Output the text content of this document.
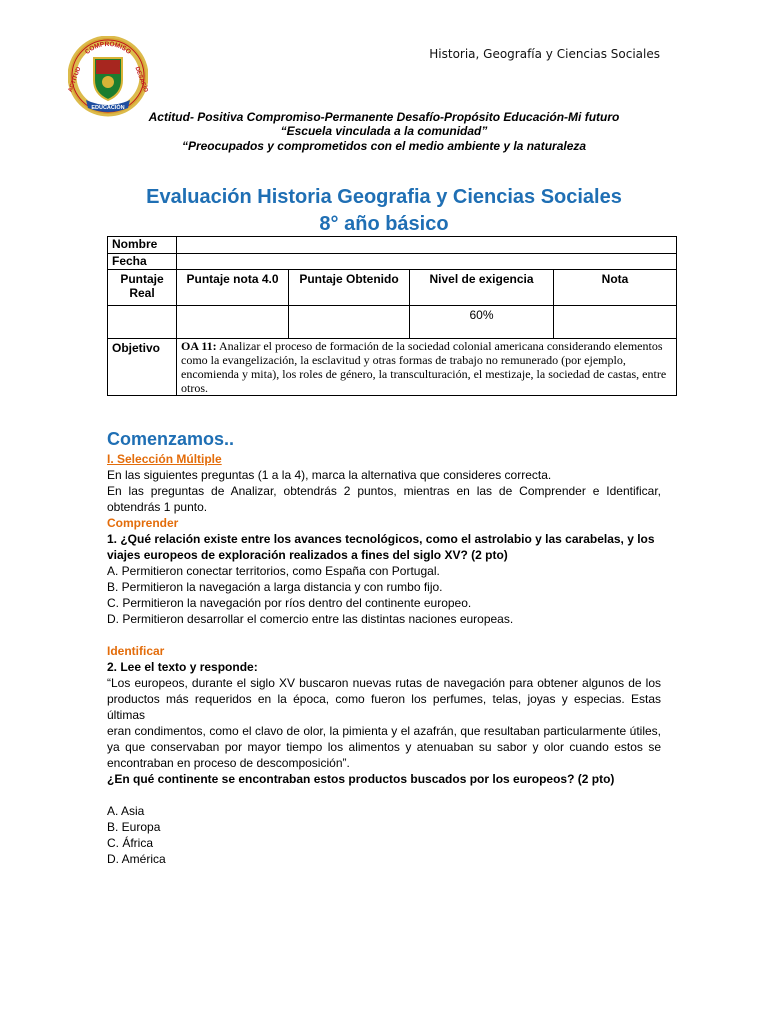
COMPROMISO
ACTITUD	DESAFÍO
EDUCACIÓN
Historia, Geografía y Ciencias Sociales
Actitud- Positiva Compromiso-Permanente Desafío-Propósito Educación-Mi futuro
“Escuela vinculada a la comunidad”
“Preocupados y comprometidos con el medio ambiente y la naturaleza
Evaluación Historia Geografia y Ciencias Sociales
8° año básico
Nombre				
Fecha				
Puntaje Real	Puntaje nota 4.0	Puntaje Obtenido	Nivel de exigencia	Nota
			60%	
Objetivo	OA 11: Analizar el proceso de formación de la sociedad colonial americana considerando elementos como la evangelización, la esclavitud y otras formas de trabajo no remunerado (por ejemplo, encomienda y mita), los roles de género, la transculturación, el mestizaje, la sociedad de castas, entre otros.			

Comenzamos..

I. Selección Múltiple

En las siguientes preguntas (1 a la 4), marca la alternativa que consideres correcta.

En las preguntas de Analizar, obtendrás 2 puntos, mientras en las de Comprender e Identificar, obtendrás 1 punto.

Comprender

1. ¿Qué relación existe entre los avances tecnológicos, como el astrolabio y las carabelas, y los viajes europeos de exploración realizados a fines del siglo XV? (2 pto)

A. Permitieron conectar territorios, como España con Portugal.

B. Permitieron la navegación a larga distancia y con rumbo fijo.

C. Permitieron la navegación por ríos dentro del continente europeo.

D. Permitieron desarrollar el comercio entre las distintas naciones europeas.

Identificar

2. Lee el texto y responde:

“Los europeos, durante el siglo XV buscaron nuevas rutas de navegación para obtener algunos de los productos más requeridos en la época, como fueron los perfumes, telas, joyas y especias. Estas últimas

eran condimentos, como el clavo de olor, la pimienta y el azafrán, que resultaban particularmente útiles, ya que conservaban por mayor tiempo los alimentos y atenuaban su sabor y olor cuando estos se encontraban en proceso de descomposición”.

¿En qué continente se encontraban estos productos buscados por los europeos? (2 pto)

A. Asia

B. Europa

C. África

D. América
